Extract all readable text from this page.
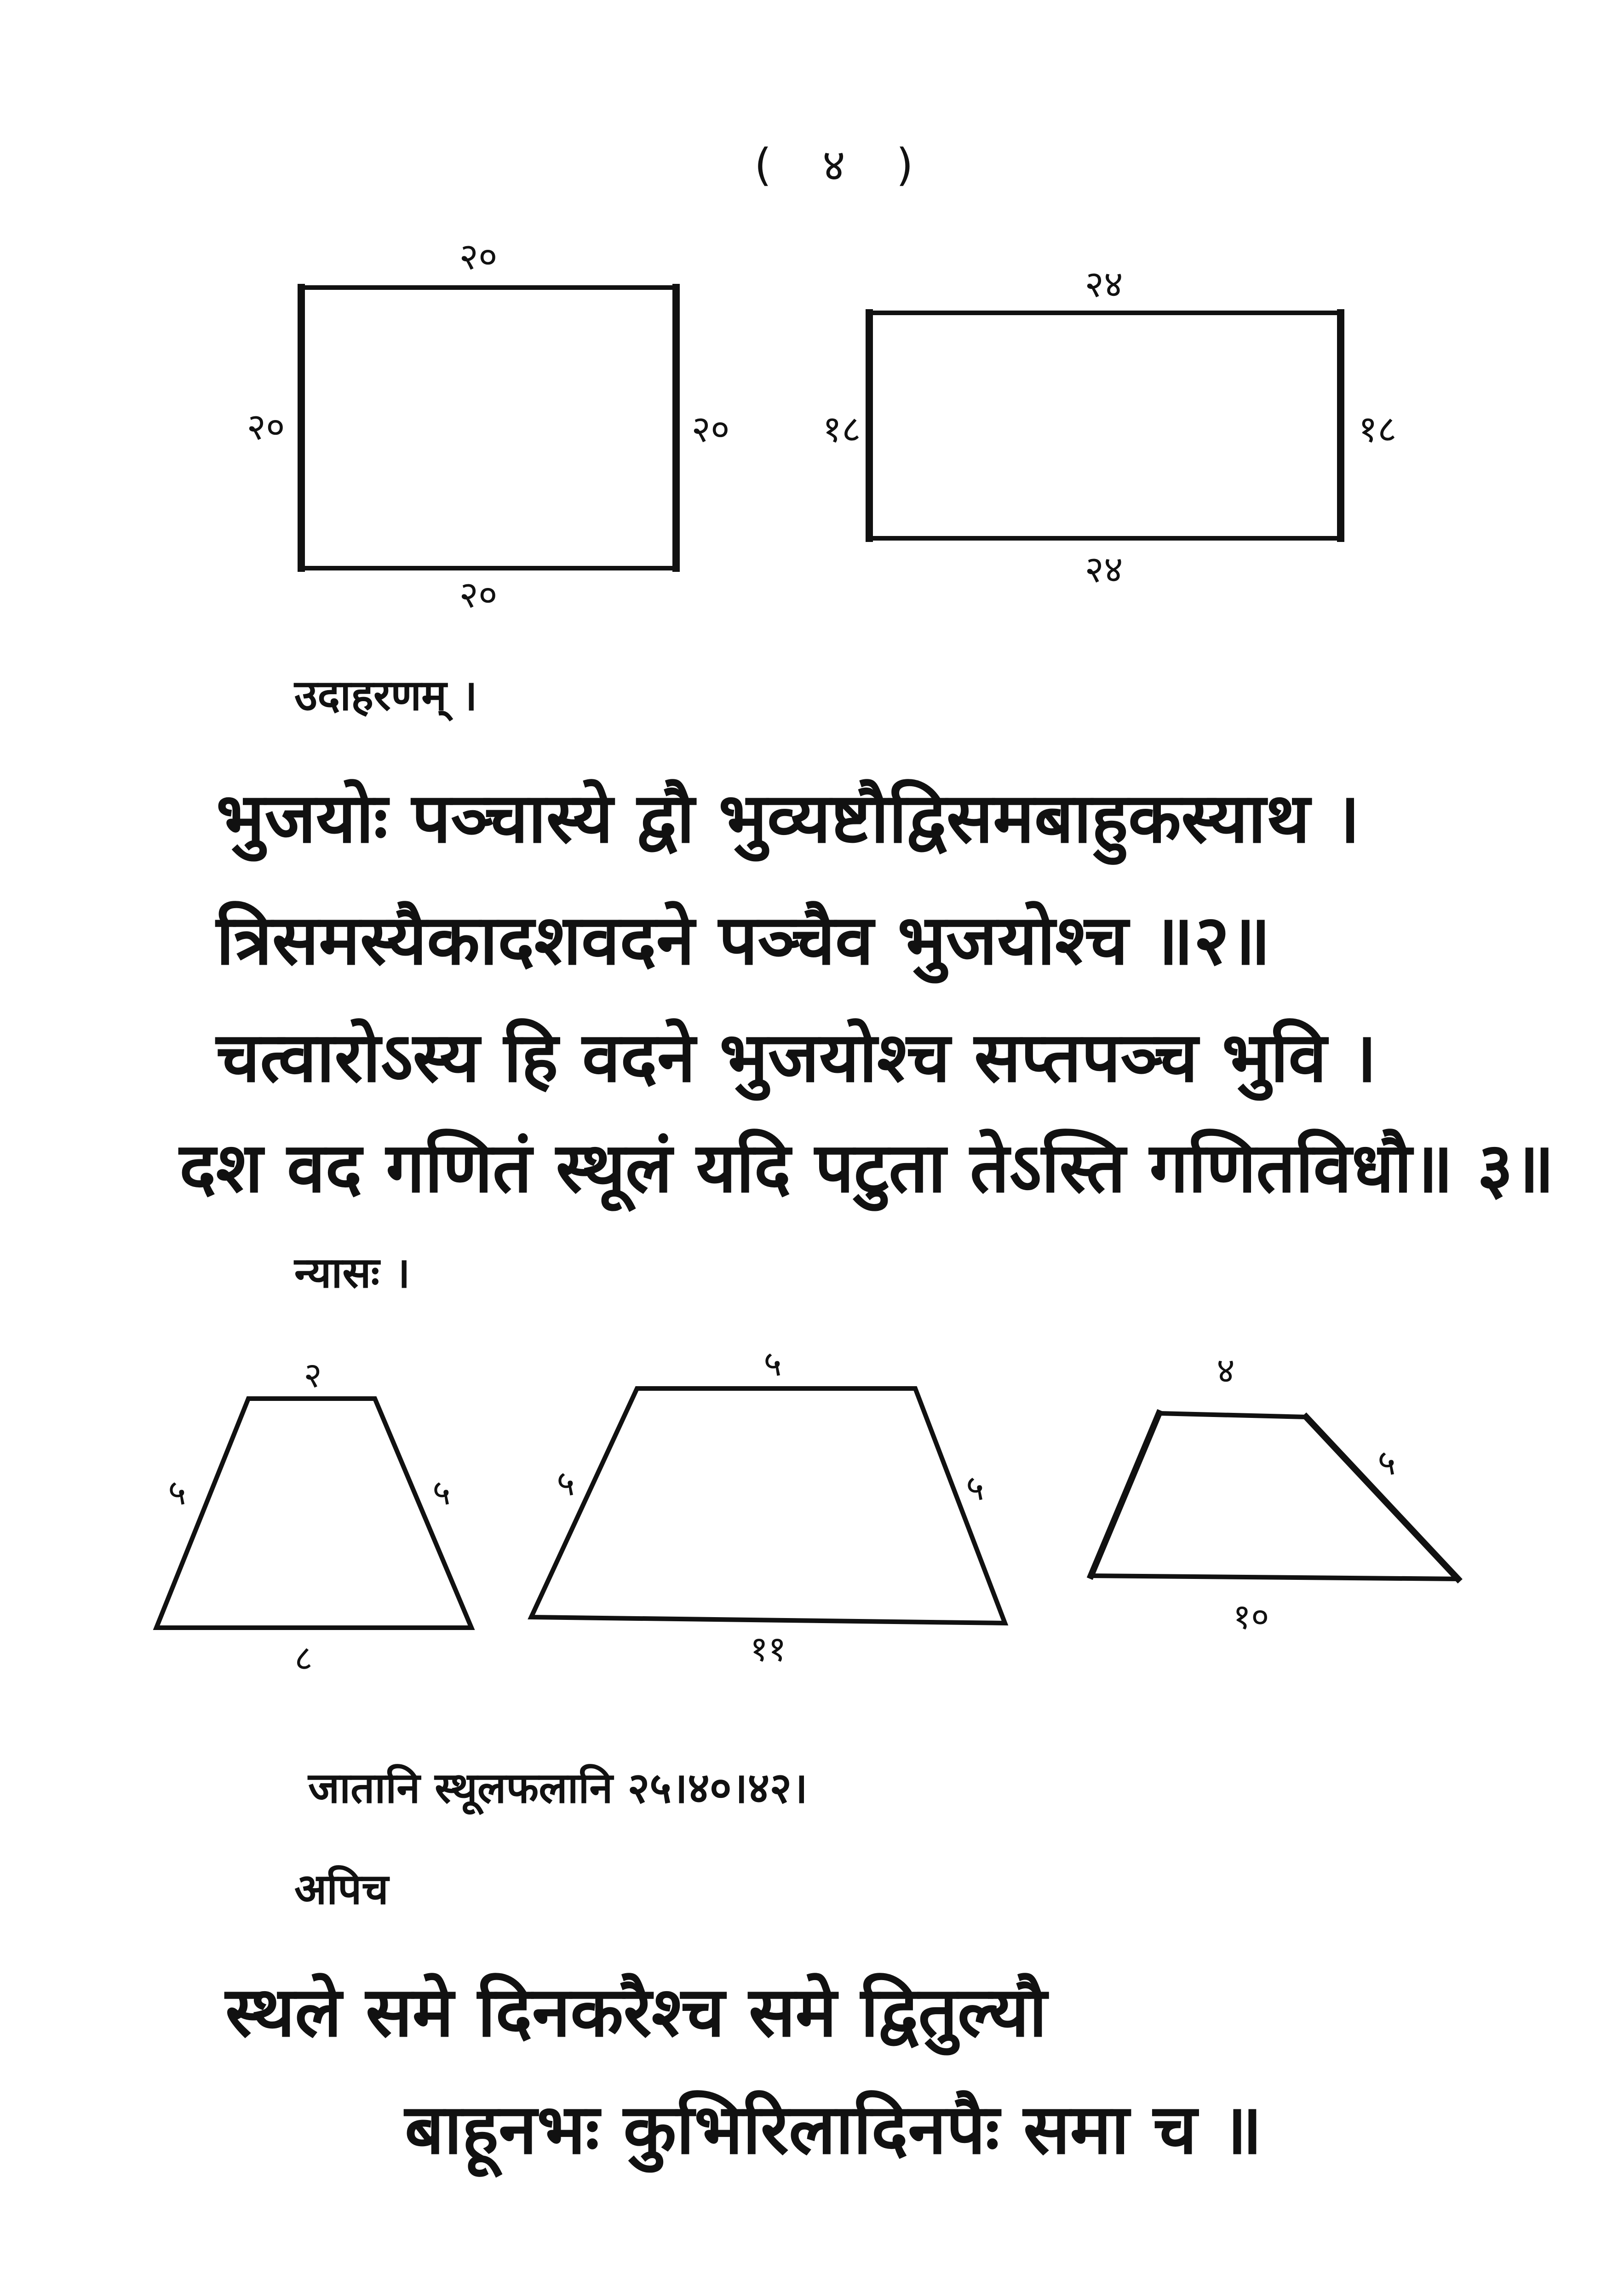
( ४ )
२०
२०	२०
२०
२४
१८	१८
२४
२
५	५
८
५
५	५
११
४
५
१०
उदाहरणम् ।
भुजयोः पञ्चास्ये द्वौ भुव्यष्टौद्विसमबाहुकस्याथ ।
त्रिसमस्यैकादशवदने पञ्चैव भुजयोश्च ॥२॥
चत्वारोऽस्य हि वदने भुजयोश्च सप्तपञ्च भुवि ।
दश वद गणितं स्थूलं यदि पटुता तेऽस्ति गणितविधौ॥ ३॥
न्यासः ।
जातानि स्थूलफलानि २५।४०।४२।
अपिच
स्थले समे दिनकरैश्च समे द्वितुल्यौ
बाहूनभः कुभिरिलादिनपैः समा च ॥
